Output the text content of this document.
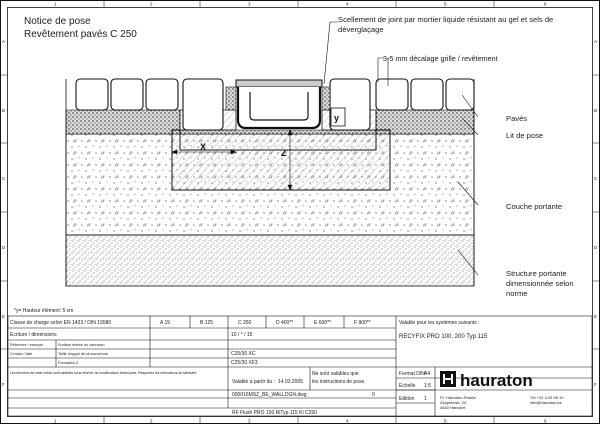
1	2	3	4	5	6
1	2	3	4	5	6
A
B
C
D
E
F
A
B
C
D
E
F
Notice de pose
Revêtement pavés C 250
X
Z
y
Scellement de joint par mortier liquide résistant au gel et sels de
déverglaçage
3-5 mm décalage grille / revêtement
Pavés
Lit de pose
Couche portante
Structure portante
dimensionnée selon
norme
*y= Hauteur élément: 5 cm
Classe de charge selon EN 1433 / DIN 19580	A 15	B 125	C 250	D 400**	E 600**	F 900**
Ecriture / dimensions	10 / * / 15
Référence / exemple	Surface entrée du caniveau
Contact / date	Taille d'appui de la couverture	C25/30 XC
Fondation Z	C25/30 XF3
Valable pour les systèmes suivants :
RECYFIX PRO 100, 200 Typ 115
Les données de cette notice sont valables sous réserve de modifications techniques. Respectez les instructions du fabricant.
Valable à partir du : 14.03.2005
Ne sont valables que
les instructions de pose.
000016MSZ_BE_WALLDGN.dwg	0
RF Flush PRO 100 RiTyp 115 Kl C250
Format DIN A4
Echelle 1:5
Edition 1
hauraton
Pr. Hauraton-Straße
Zeppelinstr. 24
4840 Harsdorf
Tél +32 4 25 05 10
info@hauraton.be
